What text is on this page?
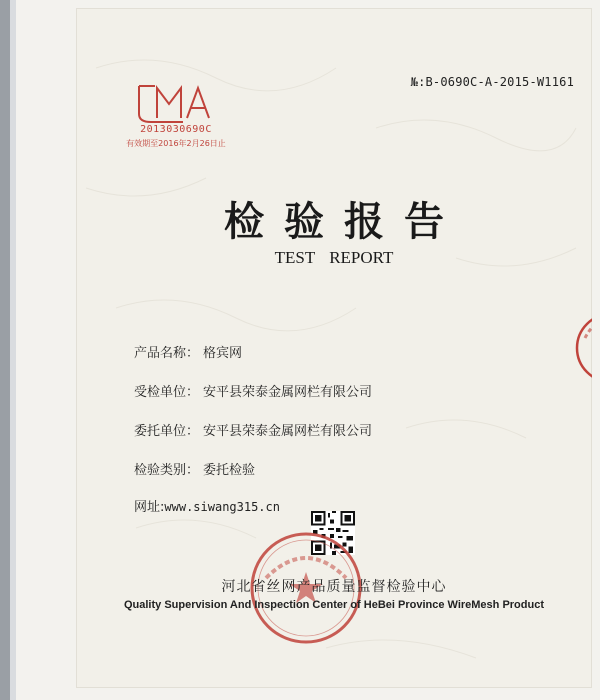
№:B-0690C-A-2015-W1161
2013030690C
有效期至2016年2月26日止
检验报告
TEST REPORT
产品名称： 格宾网
受检单位： 安平县荣泰金属网栏有限公司
委托单位： 安平县荣泰金属网栏有限公司
检验类别： 委托检验
网址:www.siwang315.cn
河北省丝网产品质量监督检验中心
Quality Supervision And Inspection Center of HeBei Province WireMesh Product
